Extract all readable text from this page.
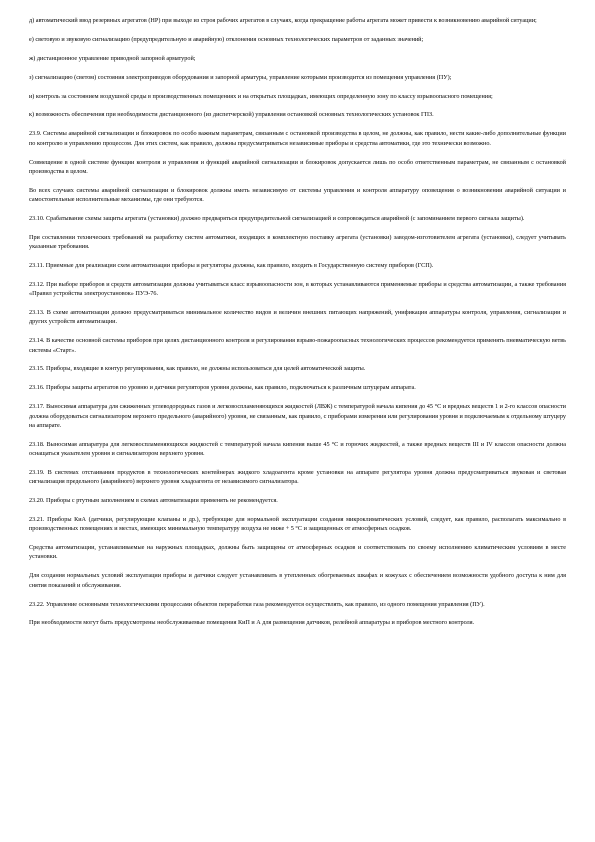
д) автоматический ввод резервных агрегатов (НР) при выходе из строя рабочих агрегатов в случаях, когда прекращение работы агрегата может привести к возникновению аварийной ситуации;

е) световую и звуковую сигнализацию (предупредительную и аварийную) отклонения основных технологических параметров от заданных значений;

ж) дистанционное управление приводной запорной арматурой;

з) сигнализацию (светом) состояния электроприводов оборудования и запорной арматуры, управление которыми производится из помещения управления (ПУ);

и) контроль за состоянием воздушной среды в производственных помещениях и на открытых площадках, имеющих определенную зону по классу взрывоопасного помещения;

к) возможность обеспечения при необходимости дистанционного (из диспетчерской) управления остановкой основных технологических установок ГПЗ.

23.9. Системы аварийной сигнализации и блокировок по особо важным параметрам, связанным с остановкой производства в целом, не должны, как правило, нести какие-либо дополнительные функции по контролю и управлению процессом. Для этих систем, как правило, должны предусматриваться независимые приборы и средства автоматики, где это технически возможно.

Совмещение в одной системе функции контроля и управления и функций аварийной сигнализации и блокировок допускается лишь по особо ответственным параметрам, не связанным с остановкой производства в целом.

Во всех случаях системы аварийной сигнализации и блокировок должны иметь независимую от системы управления и контроля аппаратуру оповещения о возникновении аварийной ситуации и самостоятельные исполнительные механизмы, где они требуются.

23.10. Срабатывание схемы защиты агрегата (установки) должно предваряться предупредительной сигнализацией и сопровождаться аварийной (с запоминанием первого сигнала защиты).

При составлении технических требований на разработку систем автоматики, входящих в комплектную поставку агрегата (установки) заводом-изготовителем агрегата (установки), следует учитывать указанные требования.

23.11. Приемные для реализации схем автоматизации приборы и регуляторы должны, как правило, входить в Государственную систему приборов (ГСП).

23.12. При выборе приборов и средств автоматизации должны учитываться класс взрывоопасности зон, в которых устанавливаются применяемые приборы и средства автоматизации, а также требования «Правил устройства электроустановок» ПУЭ-76.

23.13. В схеме автоматизации должно предусматриваться минимальное количество видов и величин внешних питающих напряжений, унификация аппаратуры контроля, управления, сигнализации и других устройств автоматизации.

23.14. В качестве основной системы приборов при целях дистанционного контроля и регулирования взрыво-пожароопасных технологических процессов рекомендуется применять пневматическую ветвь системы «Старт».

23.15. Приборы, входящие в контур регулирования, как правило, не должны использоваться для целей автоматической защиты.

23.16. Приборы защиты агрегатов по уровню и датчики регуляторов уровня должны, как правило, подключаться к различным штуцерам аппарата.

23.17. Выносимая аппаратура для сжиженных углеводородных газов и легковоспламеняющихся жидкостей (ЛВЖ) с температурой начала кипения до 45 °С и вредных веществ 1 и 2-го классов опасности должна оборудоваться сигнализатором верхнего предельного (аварийного) уровня, не связанным, как правило, с приборами измерения или регулирования уровня и подключаемым к отдельному штуцеру на аппарате.

23.18. Выносимая аппаратура для легковоспламеняющихся жидкостей с температурой начала кипения выше 45 °С и горючих жидкостей, а также вредных веществ III и IV классов опасности должна оснащаться указателем уровня и сигнализатором верхнего уровня.

23.19. В системах отстаивания продуктов в технологических контейнерах жидкого хладоагента кроме установки на аппарате регулятора уровня должна предусматриваться звуковая и световая сигнализация предельного (аварийного) верхнего уровня хладоагента от независимого сигнализатора.

23.20. Приборы с ртутным заполнением в схемах автоматизации применять не рекомендуется.

23.21. Приборы КиА (датчики, регулирующие клапаны и др.), требующие для нормальной эксплуатации создания микроклиматических условий, следует, как правило, располагать максимально в производственных помещениях и местах, имеющих минимальную температуру воздуха не ниже + 5 °С и защищенных от атмосферных осадков.

Средства автоматизации, устанавливаемые на наружных площадках, должны быть защищены от атмосферных осадков и соответствовать по своему исполнению климатическим условиям в месте установки.

Для создания нормальных условий эксплуатации приборы и датчики следует устанавливать в утепленных обогреваемых шкафах и кожухах с обеспечением возможности удобного доступа к ним для снятия показаний и обслуживания.

23.22. Управление основными технологическими процессами объектов переработки газа рекомендуется осуществлять, как правило, из одного помещения управления (ПУ).

При необходимости могут быть предусмотрены необслуживаемые помещения КиП и А для размещения датчиков, релейной аппаратуры и приборов местного контроля.
